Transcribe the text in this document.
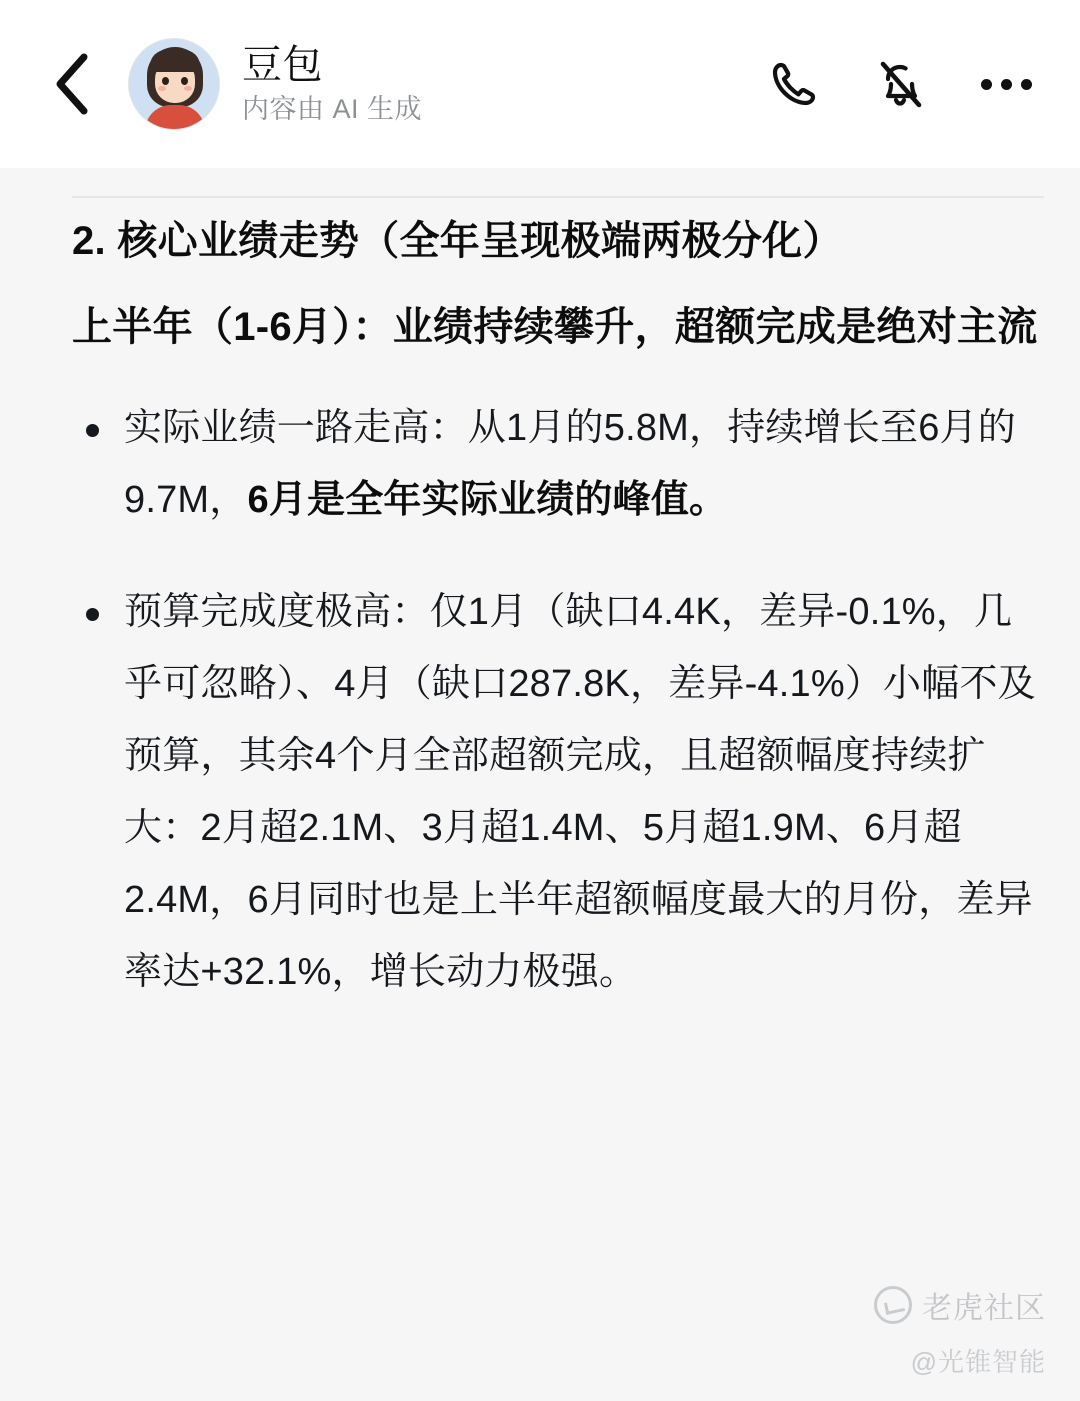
豆包
内容由 AI 生成
2. 核心业绩走势（全年呈现极端两极分化）
上半年（1-6月）：业绩持续攀升，超额完成是绝对主流
实际业绩一路走高：从1月的5.8M，持续增长至6月的9.7M，6月是全年实际业绩的峰值。
预算完成度极高：仅1月（缺口4.4K，差异-0.1%，几乎可忽略）、4月（缺口287.8K，差异-4.1%）小幅不及预算，其余4个月全部超额完成，且超额幅度持续扩大：2月超2.1M、3月超1.4M、5月超1.9M、6月超2.4M，6月同时也是上半年超额幅度最大的月份，差异率达+32.1%，增长动力极强。
老虎社区
@光锥智能
